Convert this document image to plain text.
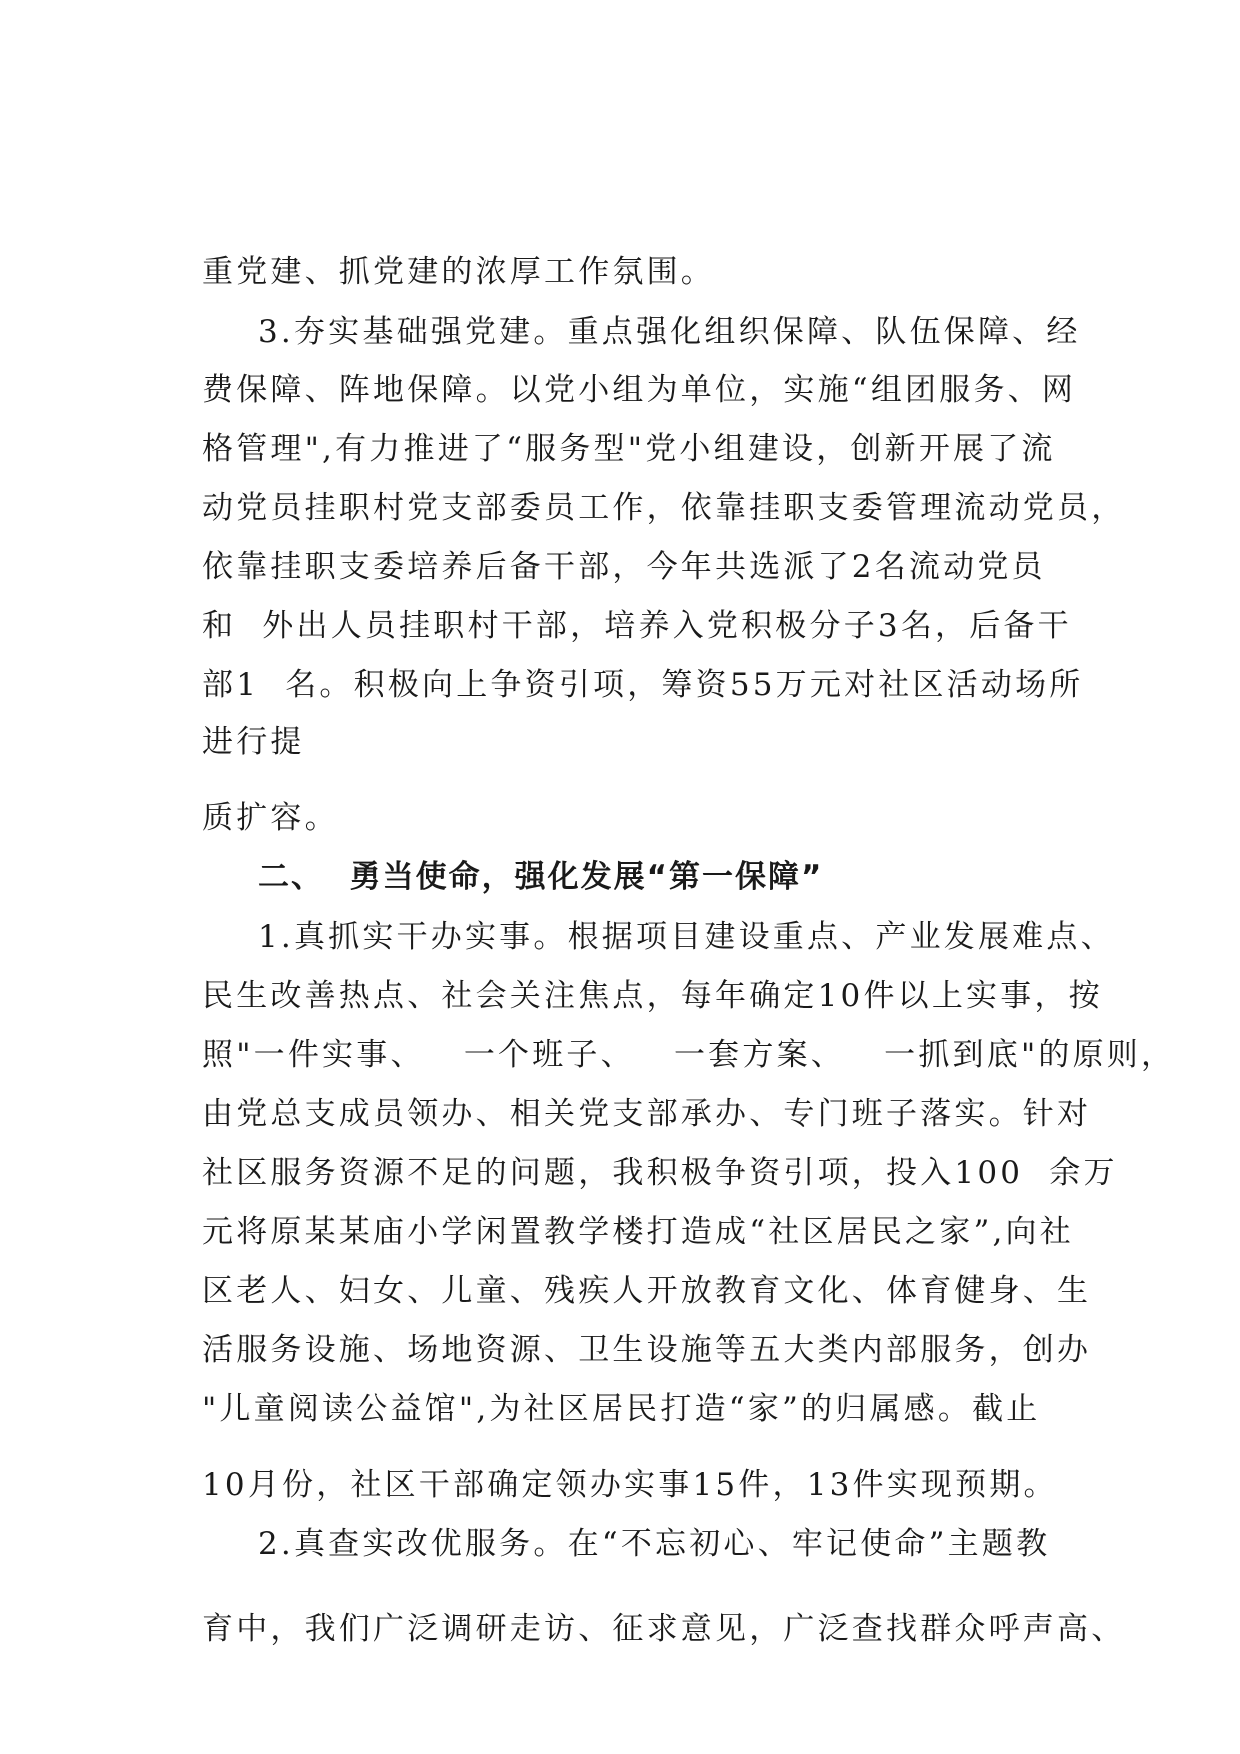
重党建、抓党建的浓厚工作氛围。
3.夯实基础强党建。重点强化组织保障、队伍保障、经
费保障、阵地保障。以党小组为单位，实施“组团服务、网
格管理",有力推进了“服务型"党小组建设，创新开展了流
动党员挂职村党支部委员工作，依靠挂职支委管理流动党员，
依靠挂职支委培养后备干部，今年共选派了2名流动党员
和  外出人员挂职村干部，培养入党积极分子3名，后备干
部1  名。积极向上争资引项，筹资55万元对社区活动场所
进行提
质扩容。
二、  勇当使命，强化发展“第一保障”
1.真抓实干办实事。根据项目建设重点、产业发展难点、
民生改善热点、社会关注焦点，每年确定10件以上实事，按
照"一件实事、   一个班子、   一套方案、   一抓到底"的原则，
由党总支成员领办、相关党支部承办、专门班子落实。针对
社区服务资源不足的问题，我积极争资引项，投入100  余万
元将原某某庙小学闲置教学楼打造成“社区居民之家”,向社
区老人、妇女、儿童、残疾人开放教育文化、体育健身、生
活服务设施、场地资源、卫生设施等五大类内部服务，创办
"儿童阅读公益馆",为社区居民打造“家”的归属感。截止
10月份，社区干部确定领办实事15件，13件实现预期。
2.真查实改优服务。在“不忘初心、牢记使命”主题教
育中，我们广泛调研走访、征求意见，广泛查找群众呼声高、
